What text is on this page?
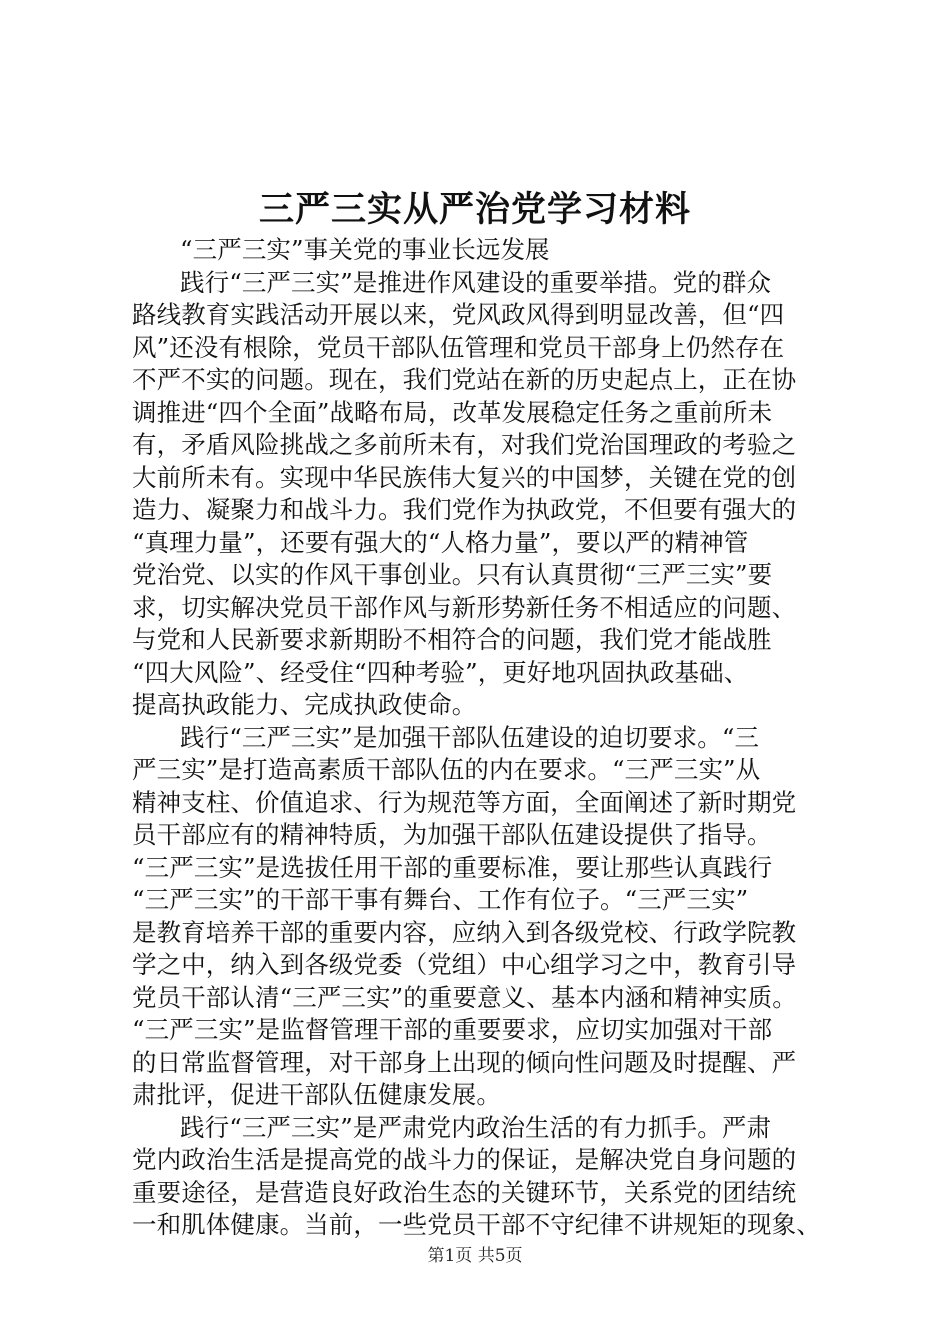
三严三实从严治党学习材料
“三严三实”事关党的事业长远发展
践行“三严三实”是推进作风建设的重要举措。党的群众
路线教育实践活动开展以来，党风政风得到明显改善，但“四
风”还没有根除，党员干部队伍管理和党员干部身上仍然存在
不严不实的问题。现在，我们党站在新的历史起点上，正在协
调推进“四个全面”战略布局，改革发展稳定任务之重前所未
有，矛盾风险挑战之多前所未有，对我们党治国理政的考验之
大前所未有。实现中华民族伟大复兴的中国梦，关键在党的创
造力、凝聚力和战斗力。我们党作为执政党，不但要有强大的
“真理力量”，还要有强大的“人格力量”，要以严的精神管
党治党、以实的作风干事创业。只有认真贯彻“三严三实”要
求，切实解决党员干部作风与新形势新任务不相适应的问题、
与党和人民新要求新期盼不相符合的问题，我们党才能战胜
“四大风险”、经受住“四种考验”，更好地巩固执政基础、
提高执政能力、完成执政使命。
践行“三严三实”是加强干部队伍建设的迫切要求。“三
严三实”是打造高素质干部队伍的内在要求。“三严三实”从
精神支柱、价值追求、行为规范等方面，全面阐述了新时期党
员干部应有的精神特质，为加强干部队伍建设提供了指导。
“三严三实”是选拔任用干部的重要标准，要让那些认真践行
“三严三实”的干部干事有舞台、工作有位子。“三严三实”
是教育培养干部的重要内容，应纳入到各级党校、行政学院教
学之中，纳入到各级党委（党组）中心组学习之中，教育引导
党员干部认清“三严三实”的重要意义、基本内涵和精神实质。
“三严三实”是监督管理干部的重要要求，应切实加强对干部
的日常监督管理，对干部身上出现的倾向性问题及时提醒、严
肃批评，促进干部队伍健康发展。
践行“三严三实”是严肃党内政治生活的有力抓手。严肃
党内政治生活是提高党的战斗力的保证，是解决党自身问题的
重要途径，是营造良好政治生态的关键环节，关系党的团结统
一和肌体健康。当前，一些党员干部不守纪律不讲规矩的现象、
第1页 共5页
